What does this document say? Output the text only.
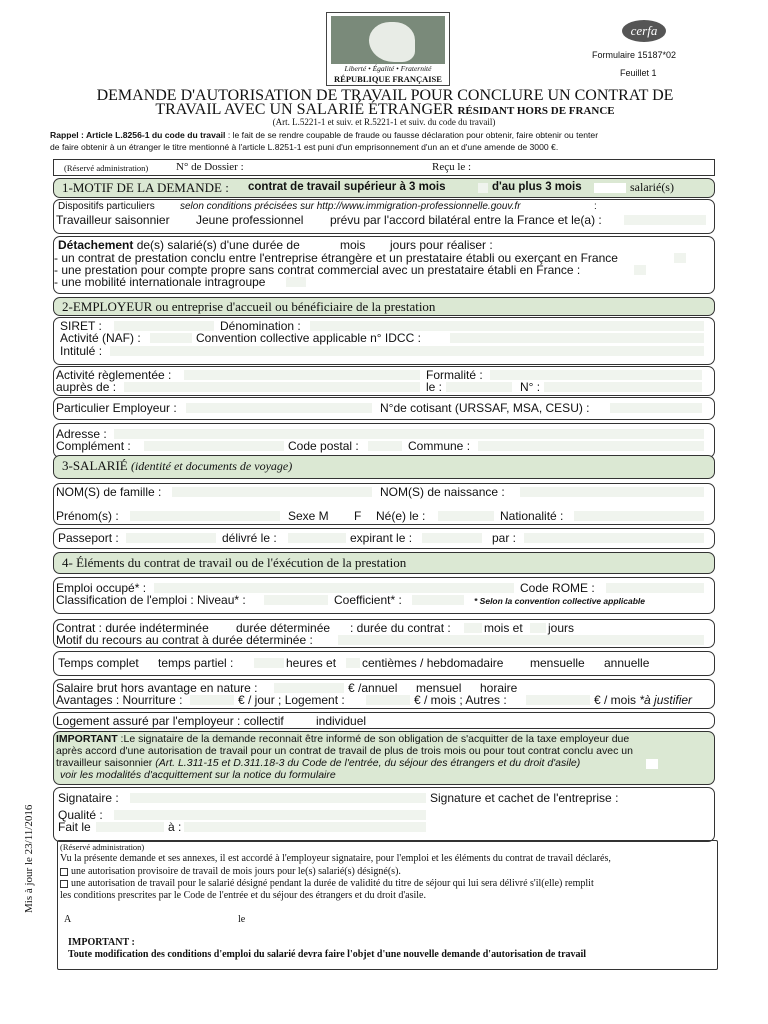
Liberté • Égalité • Fraternité
RÉPUBLIQUE FRANÇAISE
cerfa
Formulaire 15187*02
Feuillet 1
DEMANDE D'AUTORISATION DE TRAVAIL POUR CONCLURE UN CONTRAT DE
TRAVAIL AVEC UN SALARIÉ ÉTRANGER RÉSIDANT HORS DE FRANCE
(Art. L.5221-1 et suiv. et R.5221-1 et suiv. du code du travail)
Rappel : Article L.8256-1 du code du travail : le fait de se rendre coupable de fraude ou fausse déclaration pour obtenir, faire obtenir ou tenter
de faire obtenir à un étranger le titre mentionné à l'article L.8251-1 est puni d'un emprisonnement d'un an et d'une amende de 3000 €.
(Réservé administration)	N° de Dossier :	Reçu le :
1-MOTIF DE LA DEMANDE : contrat de travail supérieur à 3 mois	d'au plus 3 mois	salarié(s)
Dispositifs particuliers	selon conditions précisées sur http://www.immigration-professionnelle.gouv.fr	:
Travailleur saisonnier Jeune professionnel prévu par l'accord bilatéral entre la France et le(a) :
Détachement de(s) salarié(s) d'une durée de	mois jours pour réaliser :
- un contrat de prestation conclu entre l'entreprise étrangère et un prestataire établi ou exerçant en France
- une prestation pour compte propre sans contrat commercial avec un prestataire établi en France :
- une mobilité internationale intragroupe
2-EMPLOYEUR ou entreprise d'accueil ou bénéficiaire de la prestation
SIRET :	Dénomination :
Activité (NAF) :	Convention collective applicable n° IDCC :
Intitulé :
Activité règlementée :	Formalité :
auprès de :	le :	N° :
Particulier Employeur :	N°de cotisant (URSSAF, MSA, CESU) :
Adresse :
Complément :	Code postal :	Commune :
3-SALARIÉ (identité et documents de voyage)
NOM(S) de famille :	NOM(S) de naissance :
Prénom(s) :	Sexe M F Né(e) le :	Nationalité :
Passeport :	délivré le :	expirant le :	par :
4- Éléments du contrat de travail ou de l'éxécution de la prestation
Emploi occupé* :	Code ROME :
Classification de l'emploi : Niveau* :	Coefficient* :	* Selon la convention collective applicable
Contrat : durée indéterminée durée déterminée : durée du contrat :	mois et jours
Motif du recours au contrat à durée déterminée :
Temps complet temps partiel :	heures et centièmes / hebdomadaire mensuelle annuelle
Salaire brut hors avantage en nature :	€ /annuel mensuel horaire
Avantages : Nourriture :	€ / jour ; Logement :	€ / mois ; Autres :	€ / mois *à justifier
Logement assuré par l'employeur : collectif	individuel
IMPORTANT :Le signataire de la demande reconnait être informé de son obligation de s'acquitter de la taxe employeur due
après accord d'une autorisation de travail pour un contrat de travail de plus de trois mois ou pour tout contrat conclu avec un
travailleur saisonnier (Art. L.311-15 et D.311.18-3 du Code de l'entrée, du séjour des étrangers et du droit d'asile)
voir les modalités d'acquittement sur la notice du formulaire
Signataire :	Signature et cachet de l'entreprise :
Qualité :
Fait le	à :
(Réservé administration)
Vu la présente demande et ses annexes, il est accordé à l'employeur signataire, pour l'emploi et les éléments du contrat de travail déclarés,
une autorisation provisoire de travail de mois jours pour le(s) salarié(s) désigné(s).
une autorisation de travail pour le salarié désigné pendant la durée de validité du titre de séjour qui lui sera délivré s'il(elle) remplit
les conditions prescrites par le Code de l'entrée et du séjour des étrangers et du droit d'asile.
A	le
IMPORTANT :
Toute modification des conditions d'emploi du salarié devra faire l'objet d'une nouvelle demande d'autorisation de travail
Mis à jour le 23/11/2016
